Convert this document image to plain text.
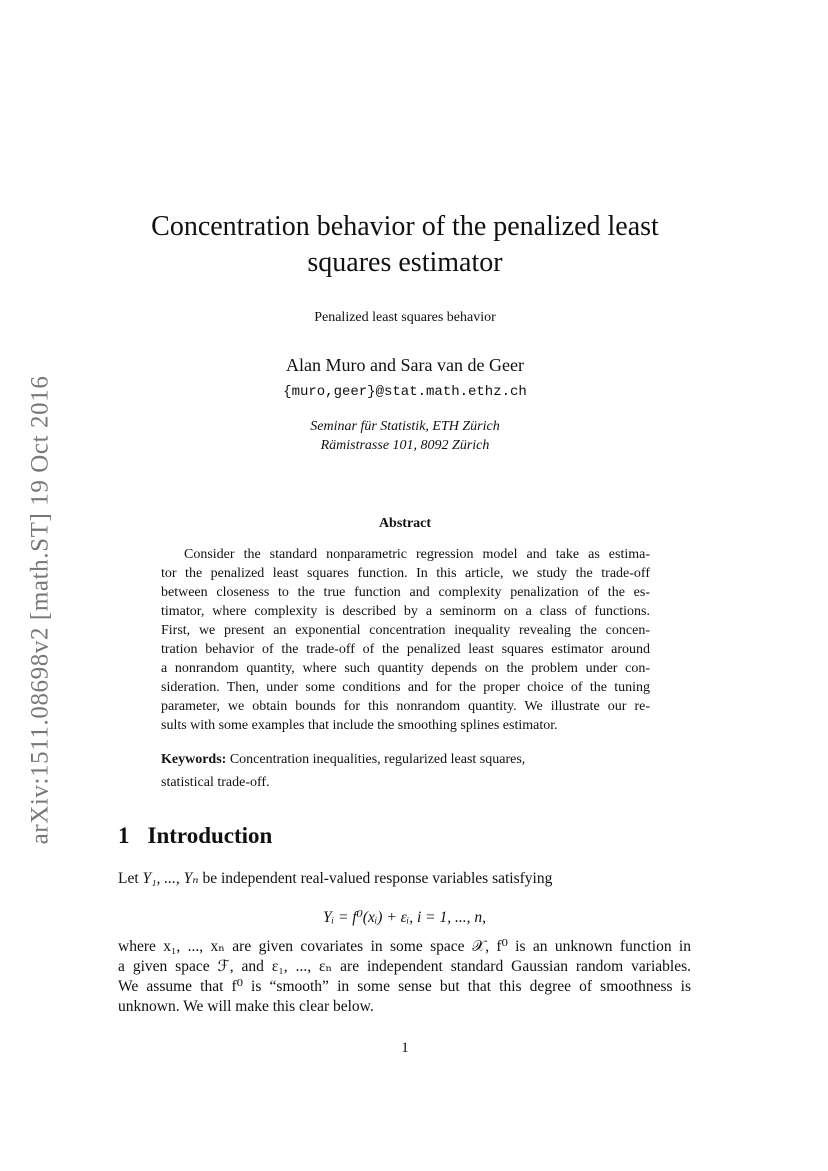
arXiv:1511.08698v2 [math.ST] 19 Oct 2016
Concentration behavior of the penalized least
squares estimator
Penalized least squares behavior
Alan Muro and Sara van de Geer
{muro,geer}@stat.math.ethz.ch
Seminar für Statistik, ETH Zürich
Rämistrasse 101, 8092 Zürich
Abstract
Consider the standard nonparametric regression model and take as estima-
tor the penalized least squares function. In this article, we study the trade-off
between closeness to the true function and complexity penalization of the es-
timator, where complexity is described by a seminorm on a class of functions.
First, we present an exponential concentration inequality revealing the concen-
tration behavior of the trade-off of the penalized least squares estimator around
a nonrandom quantity, where such quantity depends on the problem under con-
sideration. Then, under some conditions and for the proper choice of the tuning
parameter, we obtain bounds for this nonrandom quantity. We illustrate our re-
sults with some examples that include the smoothing splines estimator.
Keywords: Concentration inequalities, regularized least squares,
statistical trade-off.
1 Introduction
Let Y₁, ..., Yₙ be independent real-valued response variables satisfying
Yᵢ = f⁰(xᵢ) + εᵢ, i = 1, ..., n,
where x₁, ..., xₙ are given covariates in some space 𝒳, f⁰ is an unknown function in
a given space ℱ, and ε₁, ..., εₙ are independent standard Gaussian random variables.
We assume that f⁰ is “smooth” in some sense but that this degree of smoothness is
unknown. We will make this clear below.
1
